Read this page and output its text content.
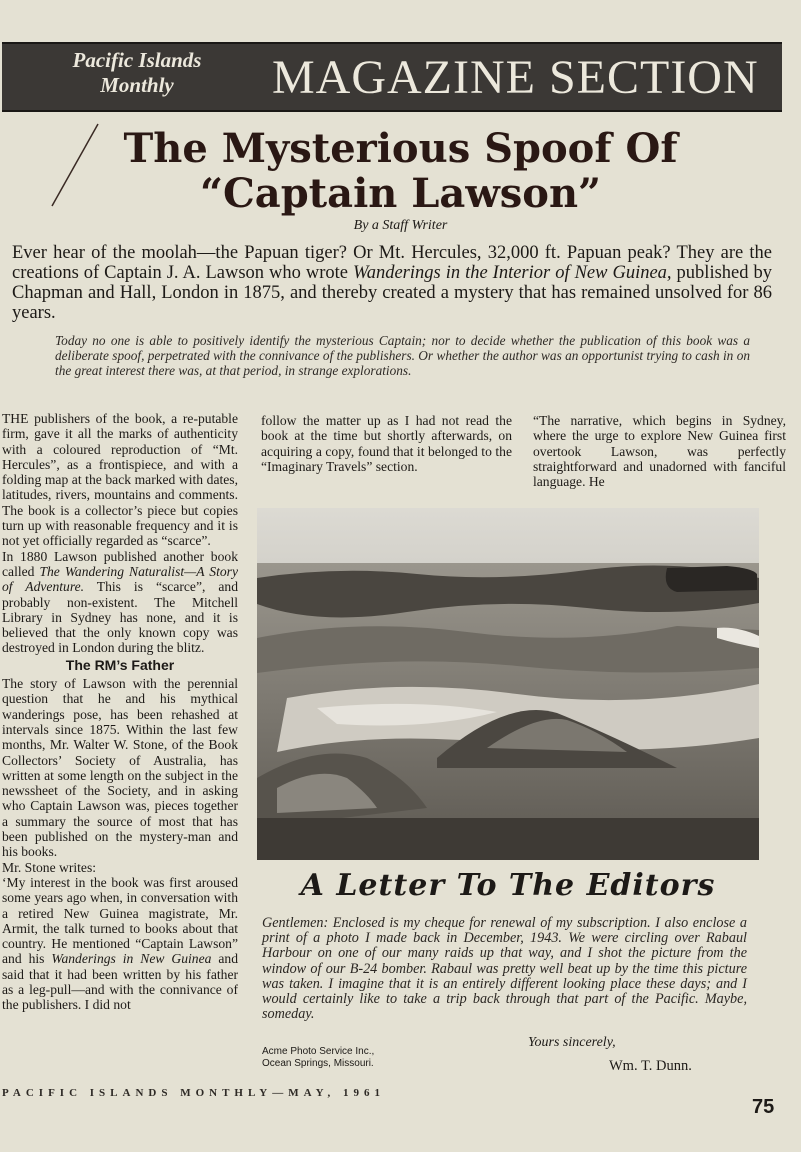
Pacific Islands
Monthly	MAGAZINE SECTION
The Mysterious Spoof Of
“Captain Lawson”
By a Staff Writer
Ever hear of the moolah—the Papuan tiger? Or Mt. Hercules, 32,000 ft. Papuan peak? They are the creations of Captain J. A. Lawson who wrote Wanderings in the Interior of New Guinea, published by Chapman and Hall, London in 1875, and thereby created a mystery that has remained unsolved for 86 years.
Today no one is able to positively identify the mysterious Captain; nor to decide whether the publication of this book was a deliberate spoof, perpetrated with the connivance of the publishers. Or whether the author was an opportunist trying to cash in on the great interest there was, at that period, in strange explorations.

THE publishers of the book, a re-putable firm, gave it all the marks of authenticity with a coloured reproduction of “Mt. Hercules”, as a frontispiece, and with a folding map at the back marked with dates, latitudes, rivers, mountains and comments. The book is a collector’s piece but copies turn up with reasonable frequency and it is not yet officially regarded as “scarce”.

In 1880 Lawson published another book called The Wandering Naturalist—A Story of Adventure. This is “scarce”, and probably non-existent. The Mitchell Library in Sydney has none, and it is believed that the only known copy was destroyed in London during the blitz.

The RM’s Father

The story of Lawson with the perennial question that he and his mythical wanderings pose, has been rehashed at intervals since 1875. Within the last few months, Mr. Walter W. Stone, of the Book Collectors’ Society of Australia, has written at some length on the subject in the newssheet of the Society, and in asking who Captain Lawson was, pieces together a summary the source of most that has been published on the mystery-man and his books.

Mr. Stone writes:

‘My interest in the book was first aroused some years ago when, in conversation with a retired New Guinea magistrate, Mr. Armit, the talk turned to books about that country. He mentioned “Captain Lawson” and his Wanderings in New Guinea and said that it had been written by his father as a leg-pull—and with the connivance of the publishers. I did not

follow the matter up as I had not read the book at the time but shortly afterwards, on acquiring a copy, found that it belonged to the “Imaginary Travels” section.
“The narrative, which begins in Sydney, where the urge to explore New Guinea first overtook Lawson, was perfectly straightforward and unadorned with fanciful language. He
A Letter To The Editors
Gentlemen: Enclosed is my cheque for renewal of my subscription. I also enclose a print of a photo I made back in December, 1943. We were circling over Rabaul Harbour on one of our many raids up that way, and I shot the picture from the window of our B-24 bomber. Rabaul was pretty well beat up by the time this picture was taken. I imagine that it is an entirely different looking place these days; and I would certainly like to take a trip back through that part of the Pacific. Maybe, someday.
Yours sincerely,
Wm. T. Dunn.
Acme Photo Service Inc.,
Ocean Springs, Missouri.
PACIFIC ISLANDS MONTHLY—MAY, 1961
75
